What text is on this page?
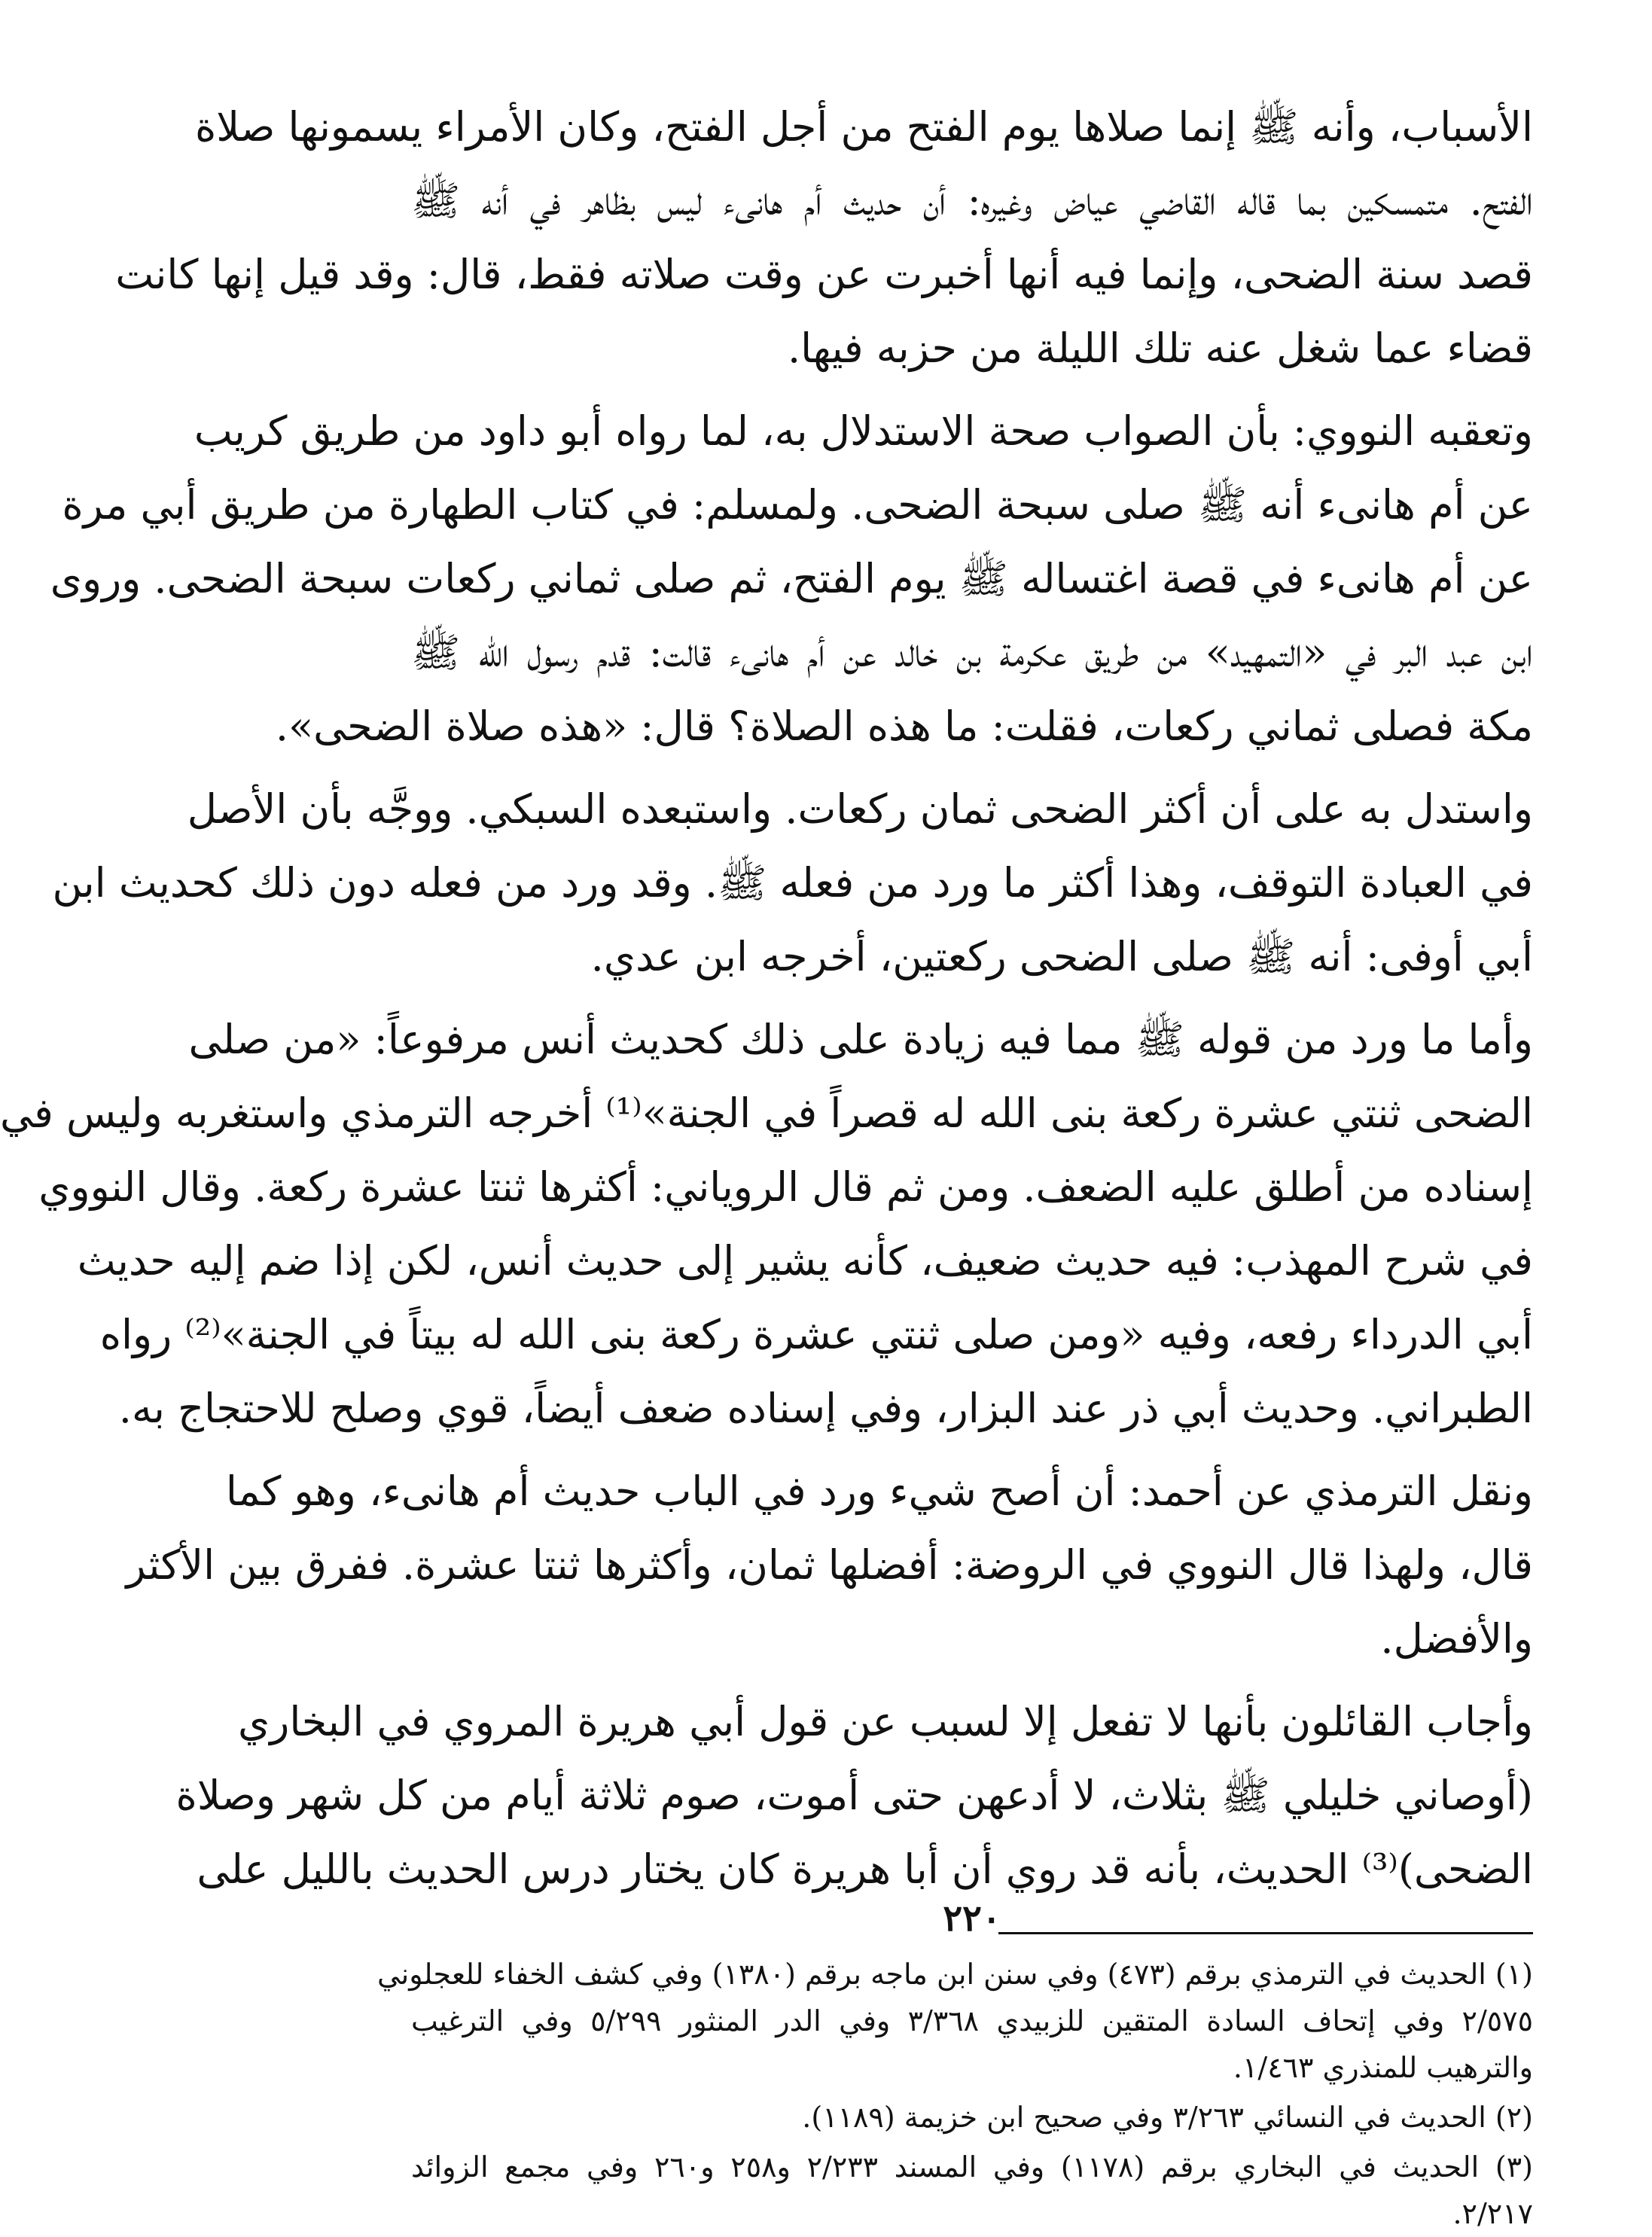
الأسباب، وأنه ﷺ إنما صلاها يوم الفتح من أجل الفتح، وكان الأمراء يسمونها صلاة

الفتح. متمسكين بما قاله القاضي عياض وغيره: أن حديث أم هانىء ليس بظاهر في أنه ﷺ

قصد سنة الضحى، وإنما فيه أنها أخبرت عن وقت صلاته فقط، قال: وقد قيل إنها كانت

قضاء عما شغل عنه تلك الليلة من حزبه فيها.

وتعقبه النووي: بأن الصواب صحة الاستدلال به، لما رواه أبو داود من طريق كريب

عن أم هانىء أنه ﷺ صلى سبحة الضحى. ولمسلم: في كتاب الطهارة من طريق أبي مرة

عن أم هانىء في قصة اغتساله ﷺ يوم الفتح، ثم صلى ثماني ركعات سبحة الضحى. وروى

ابن عبد البر في «التمهيد» من طريق عكرمة بن خالد عن أم هانىء قالت: قدم رسول الله ﷺ

مكة فصلى ثماني ركعات، فقلت: ما هذه الصلاة؟ قال: «هذه صلاة الضحى».

واستدل به على أن أكثر الضحى ثمان ركعات. واستبعده السبكي. ووجَّه بأن الأصل

في العبادة التوقف، وهذا أكثر ما ورد من فعله ﷺ. وقد ورد من فعله دون ذلك كحديث ابن

أبي أوفى: أنه ﷺ صلى الضحى ركعتين، أخرجه ابن عدي.

وأما ما ورد من قوله ﷺ مما فيه زيادة على ذلك كحديث أنس مرفوعاً: «من صلى

الضحى ثنتي عشرة ركعة بنى الله له قصراً في الجنة»⁽¹⁾ أخرجه الترمذي واستغربه وليس في

إسناده من أطلق عليه الضعف. ومن ثم قال الروياني: أكثرها ثنتا عشرة ركعة. وقال النووي

في شرح المهذب: فيه حديث ضعيف، كأنه يشير إلى حديث أنس، لكن إذا ضم إليه حديث

أبي الدرداء رفعه، وفيه «ومن صلى ثنتي عشرة ركعة بنى الله له بيتاً في الجنة»⁽²⁾ رواه

الطبراني. وحديث أبي ذر عند البزار، وفي إسناده ضعف أيضاً، قوي وصلح للاحتجاج به.

ونقل الترمذي عن أحمد: أن أصح شيء ورد في الباب حديث أم هانىء، وهو كما

قال، ولهذا قال النووي في الروضة: أفضلها ثمان، وأكثرها ثنتا عشرة. ففرق بين الأكثر

والأفضل.

وأجاب القائلون بأنها لا تفعل إلا لسبب عن قول أبي هريرة المروي في البخاري

(أوصاني خليلي ﷺ بثلاث، لا أدعهن حتى أموت، صوم ثلاثة أيام من كل شهر وصلاة

الضحى)⁽³⁾ الحديث، بأنه قد روي أن أبا هريرة كان يختار درس الحديث بالليل على

(١) الحديث في الترمذي برقم (٤٧٣) وفي سنن ابن ماجه برقم (١٣٨٠) وفي كشف الخفاء للعجلوني

٢/٥٧٥ وفي إتحاف السادة المتقين للزبيدي ٣/٣٦٨ وفي الدر المنثور ٥/٢٩٩ وفي الترغيب

والترهيب للمنذري ١/٤٦٣.

(٢) الحديث في النسائي ٣/٢٦٣ وفي صحيح ابن خزيمة (١١٨٩).

(٣) الحديث في البخاري برقم (١١٧٨) وفي المسند ٢/٢٣٣ و٢٥٨ و٢٦٠ وفي مجمع الزوائد

٢/٢١٧.

٢٢٠
